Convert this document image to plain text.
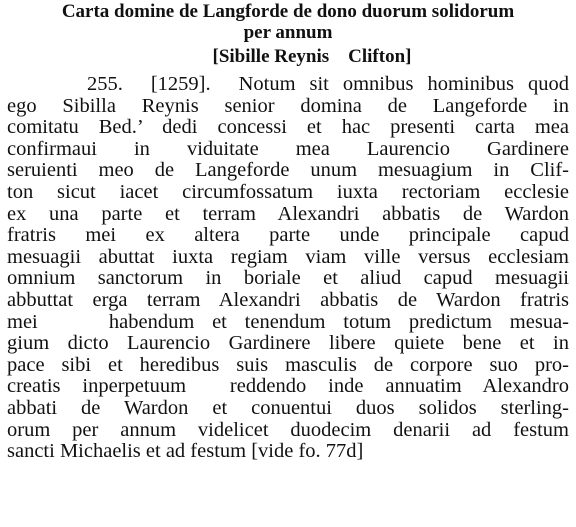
Carta domine de Langforde de dono duorum solidorum
per annum
[Sibille Reynis    Clifton]
255.  [1259].  Notum sit omnibus hominibus quod
ego Sibilla Reynis senior domina de Langeforde in
comitatu Bed.’ dedi concessi et hac presenti carta mea
confirmaui in viduitate mea Laurencio Gardinere
seruienti meo de Langeforde unum mesuagium in Clif-
ton sicut iacet circumfossatum iuxta rectoriam ecclesie
ex una parte et terram Alexandri abbatis de Wardon
fratris mei ex altera parte unde principale capud
mesuagii abuttat iuxta regiam viam ville versus ecclesiam
omnium sanctorum in boriale et aliud capud mesuagii
abbuttat erga terram Alexandri abbatis de Wardon fratris
mei    habendum et tenendum totum predictum mesua-
gium dicto Laurencio Gardinere libere quiete bene et in
pace sibi et heredibus suis masculis de corpore suo pro-
creatis inperpetuum  reddendo inde annuatim Alexandro
abbati de Wardon et conuentui duos solidos sterling-
orum per annum videlicet duodecim denarii ad festum
sancti Michaelis et ad festum [vide fo. 77d]
